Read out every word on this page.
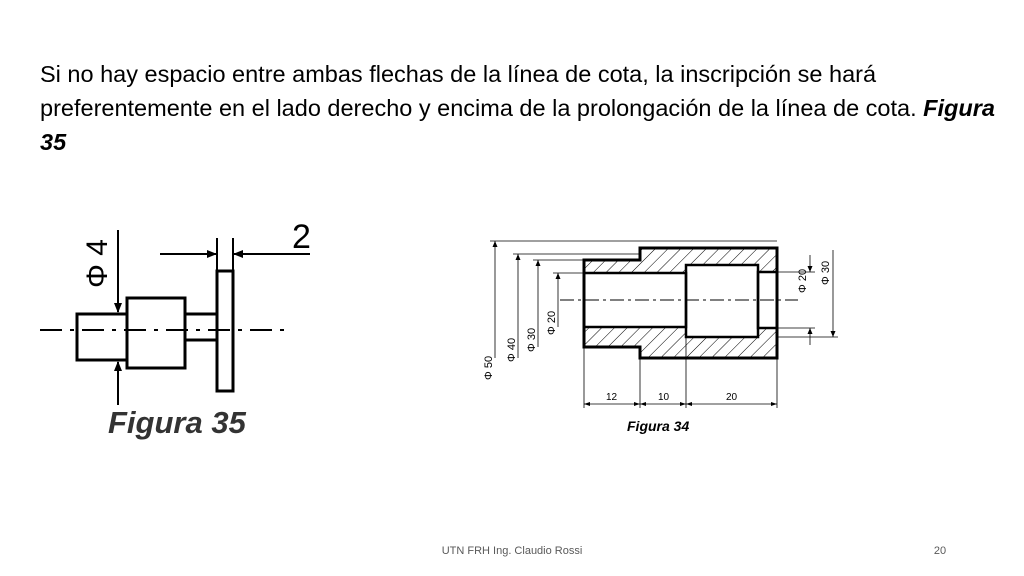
Si no hay espacio entre ambas flechas de la línea de cota, la inscripción se hará preferentemente en el lado derecho y encima de la prolongación de la línea de cota. Figura 35

Φ 4
2
Figura 35
Φ 50
Φ 40 Φ 30
Φ 20
Φ 20 Φ 30
12	10	20
Figura 34
UTN FRH Ing. Claudio Rossi	20
